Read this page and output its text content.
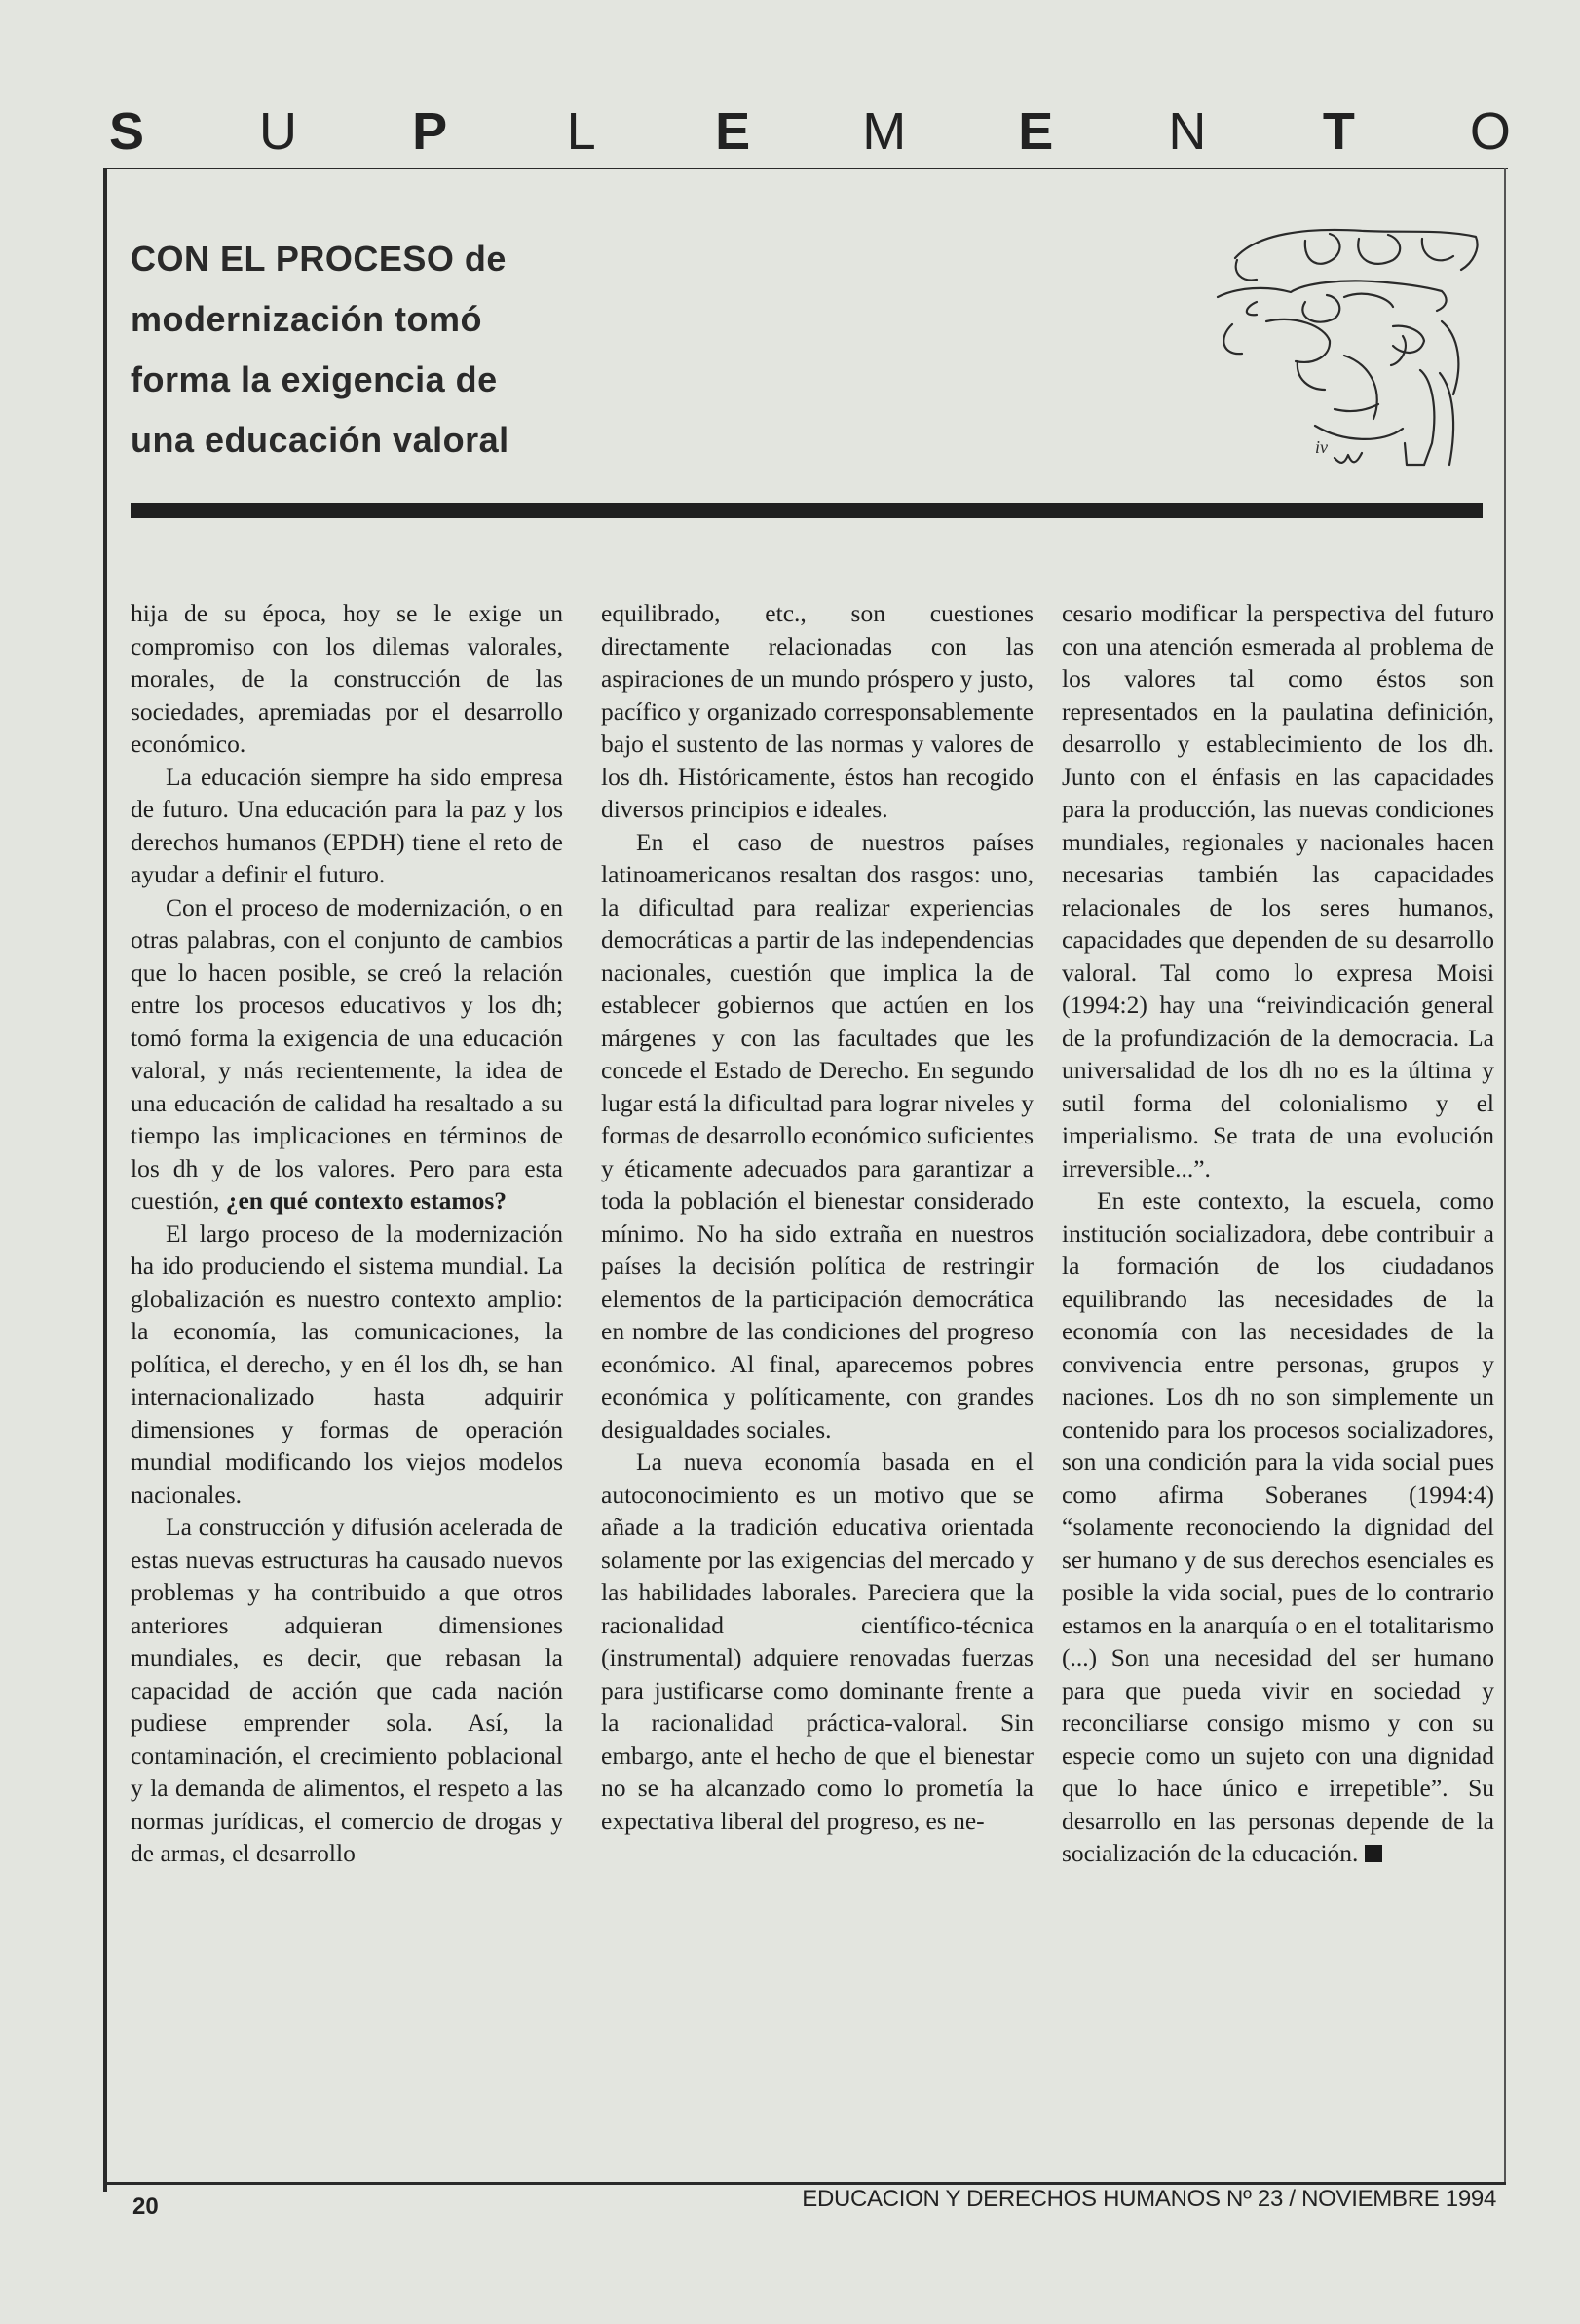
S U P L E M E N T O
CON EL PROCESO de
modernización tomó
forma la exigencia de
una educación valoral	iv

hija de su época, hoy se le exige un compromiso con los dilemas valorales, morales, de la construcción de las sociedades, apremiadas por el desarrollo económico.

La educación siempre ha sido empresa de futuro. Una educación para la paz y los derechos humanos (EPDH) tiene el reto de ayudar a definir el futuro.

Con el proceso de modernización, o en otras palabras, con el conjunto de cambios que lo hacen posible, se creó la relación entre los procesos educativos y los dh; tomó forma la exigencia de una educación valoral, y más recientemente, la idea de una educación de calidad ha resaltado a su tiempo las implicaciones en términos de los dh y de los valores. Pero para esta cuestión, ¿en qué contexto estamos?

El largo proceso de la modernización ha ido produciendo el sistema mundial. La globalización es nuestro contexto amplio: la economía, las comunicaciones, la política, el derecho, y en él los dh, se han internacionalizado hasta adquirir dimensiones y formas de operación mundial modificando los viejos modelos nacionales.

La construcción y difusión acelerada de estas nuevas estructuras ha causado nuevos problemas y ha contribuido a que otros anteriores adquieran dimensiones mundiales, es decir, que rebasan la capacidad de acción que cada nación pudiese emprender sola. Así, la contaminación, el crecimiento poblacional y la demanda de alimentos, el respeto a las normas jurídicas, el comercio de drogas y de armas, el desarrollo

equilibrado, etc., son cuestiones directamente relacionadas con las aspiraciones de un mundo próspero y justo, pacífico y organizado corresponsablemente bajo el sustento de las normas y valores de los dh. Históricamente, éstos han recogido diversos principios e ideales.

En el caso de nuestros países latinoamericanos resaltan dos rasgos: uno, la dificultad para realizar experiencias democráticas a partir de las independencias nacionales, cuestión que implica la de establecer gobiernos que actúen en los márgenes y con las facultades que les concede el Estado de Derecho. En segundo lugar está la dificultad para lograr niveles y formas de desarrollo económico suficientes y éticamente adecuados para garantizar a toda la población el bienestar considerado mínimo. No ha sido extraña en nuestros países la decisión política de restringir elementos de la participación democrática en nombre de las condiciones del progreso económico. Al final, aparecemos pobres económica y políticamente, con grandes desigualdades sociales.

La nueva economía basada en el autoconocimiento es un motivo que se añade a la tradición educativa orientada solamente por las exigencias del mercado y las habilidades laborales. Pareciera que la racionalidad científico-técnica (instrumental) adquiere renovadas fuerzas para justificarse como dominante frente a la racionalidad práctica-valoral. Sin embargo, ante el hecho de que el bienestar no se ha alcanzado como lo prometía la expectativa liberal del progreso, es ne-

cesario modificar la perspectiva del futuro con una atención esmerada al problema de los valores tal como éstos son representados en la paulatina definición, desarrollo y establecimiento de los dh. Junto con el énfasis en las capacidades para la producción, las nuevas condiciones mundiales, regionales y nacionales hacen necesarias también las capacidades relacionales de los seres humanos, capacidades que dependen de su desarrollo valoral. Tal como lo expresa Moisi (1994:2) hay una “reivindicación general de la profundización de la democracia. La universalidad de los dh no es la última y sutil forma del colonialismo y el imperialismo. Se trata de una evolución irreversible...”.

En este contexto, la escuela, como institución socializadora, debe contribuir a la formación de los ciudadanos equilibrando las necesidades de la economía con las necesidades de la convivencia entre personas, grupos y naciones. Los dh no son simplemente un contenido para los procesos socializadores, son una condición para la vida social pues como afirma Soberanes (1994:4) “solamente reconociendo la dignidad del ser humano y de sus derechos esenciales es posible la vida social, pues de lo contrario estamos en la anarquía o en el totalitarismo (...) Son una necesidad del ser humano para que pueda vivir en sociedad y reconciliarse consigo mismo y con su especie como un sujeto con una dignidad que lo hace único e irrepetible”. Su desarrollo en las personas depende de la socialización de la educación.

20	EDUCACION Y DERECHOS HUMANOS Nº 23 / NOVIEMBRE 1994
